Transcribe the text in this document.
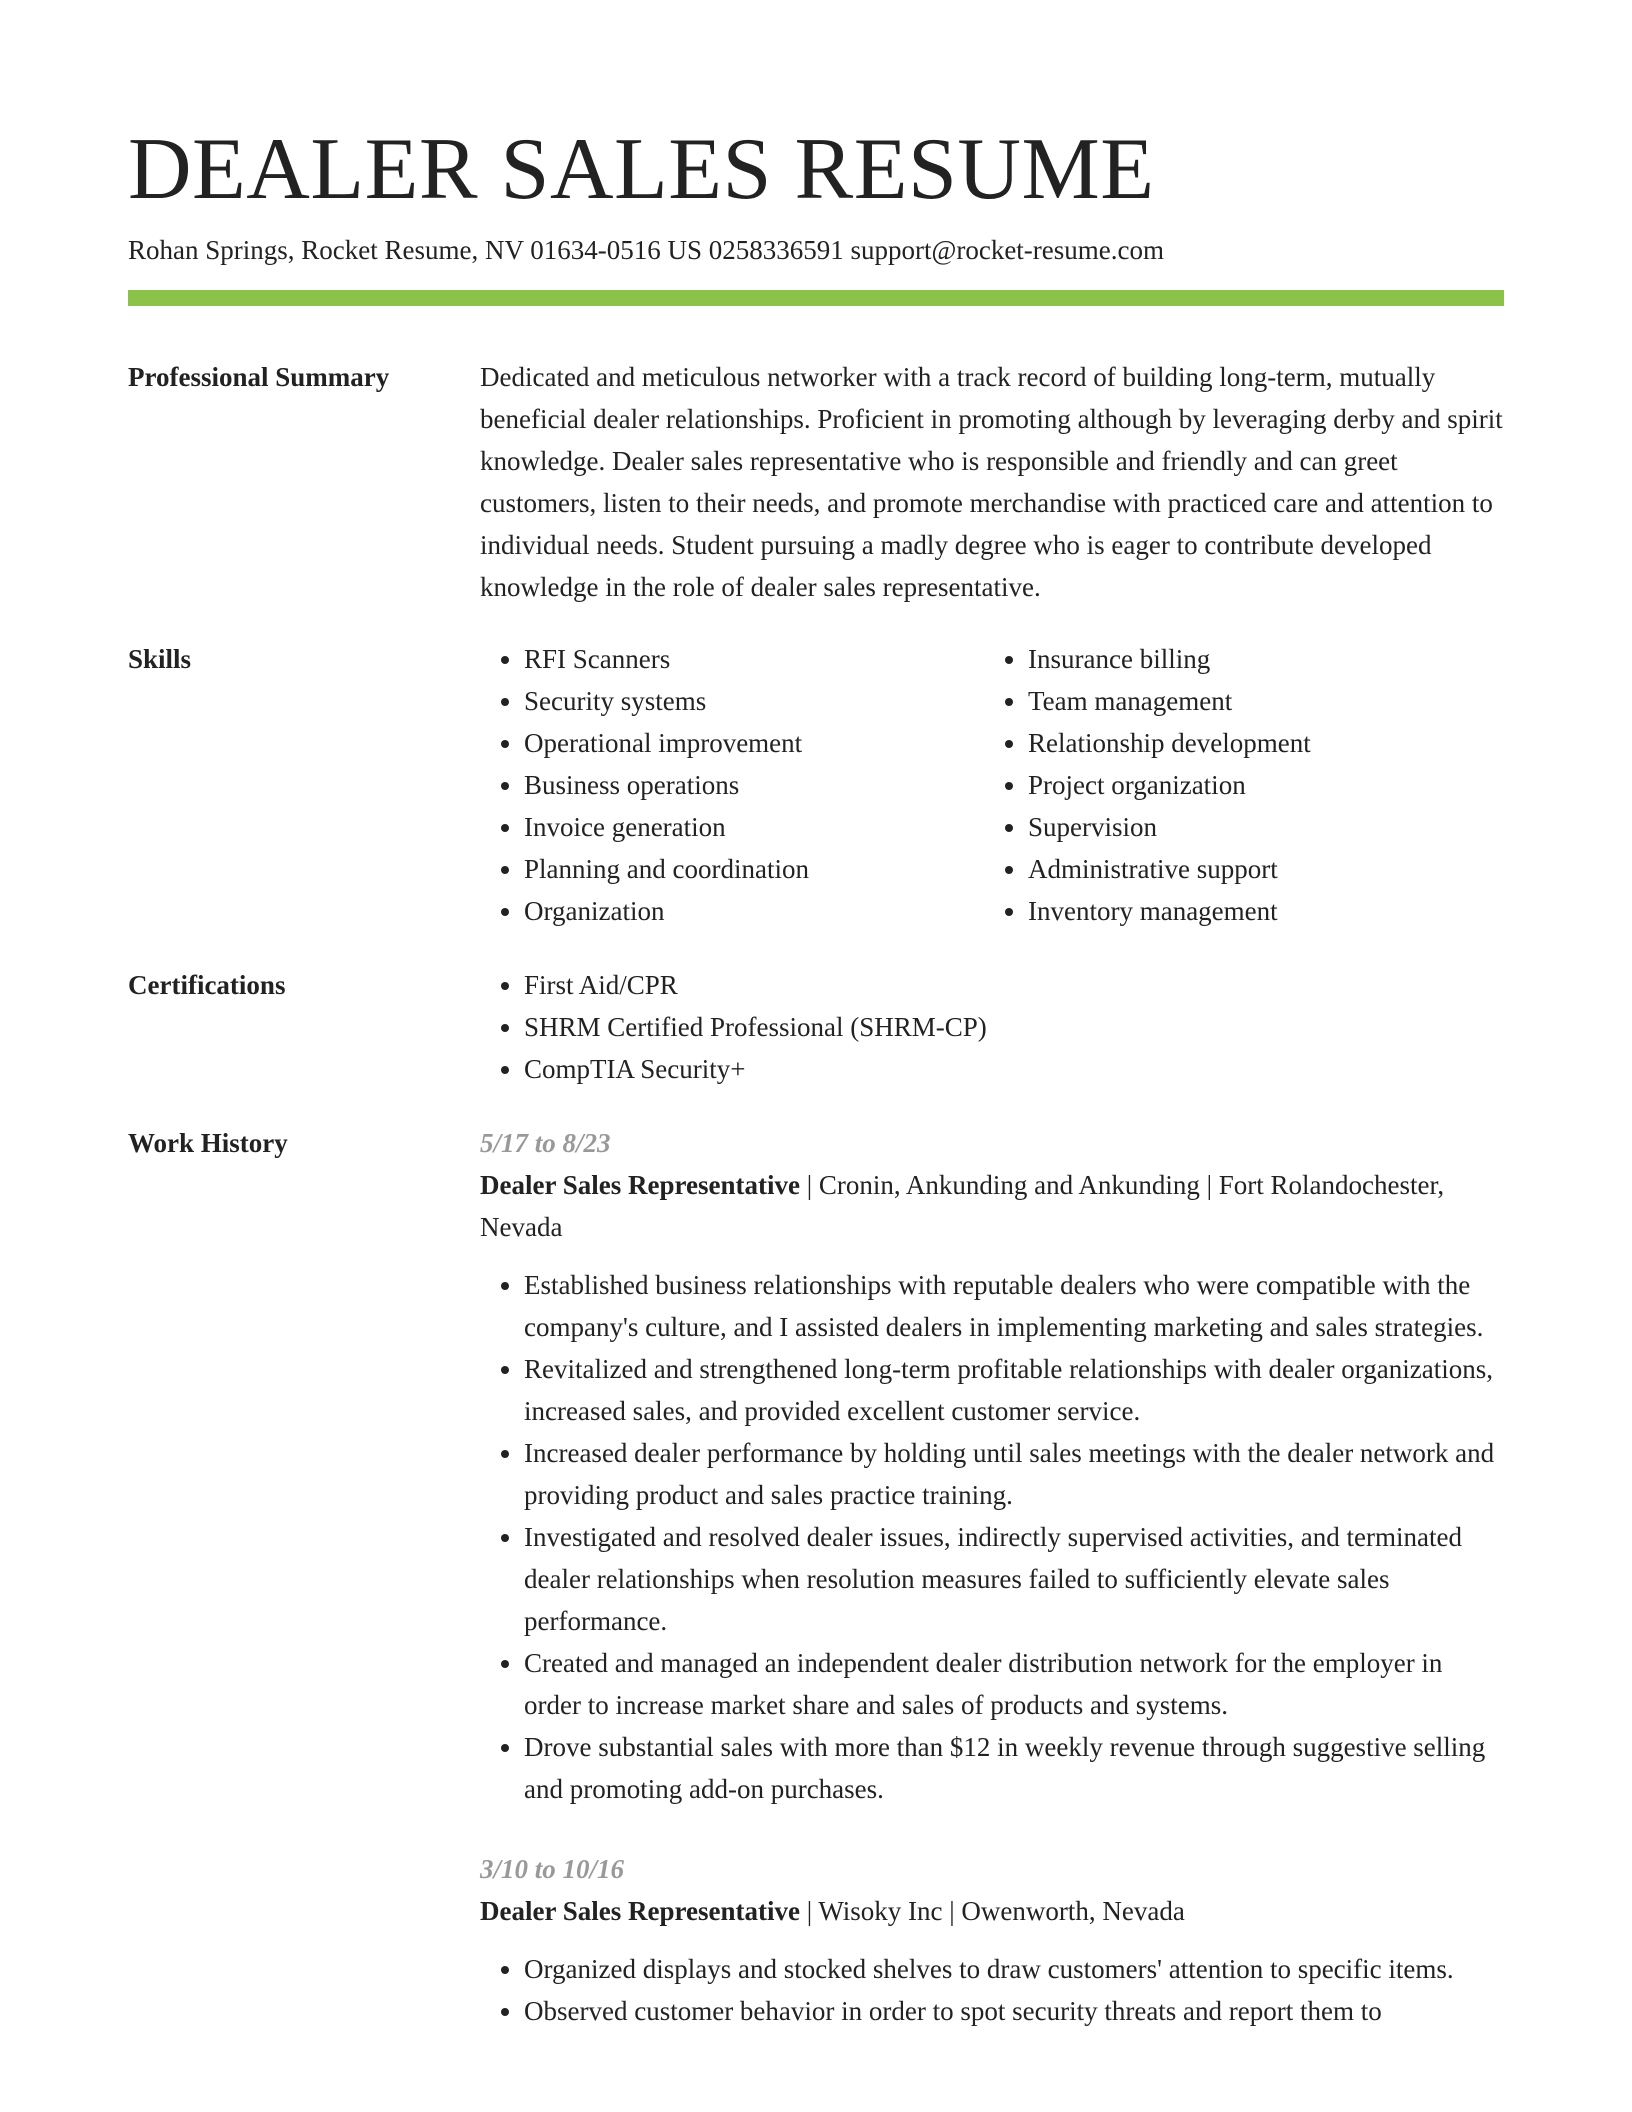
DEALER SALES RESUME
Rohan Springs, Rocket Resume, NV 01634-0516 US 0258336591 support@rocket-resume.com
Professional Summary	Dedicated and meticulous networker with a track record of building long-term, mutually beneficial dealer relationships. Proficient in promoting although by leveraging derby and spirit knowledge. Dealer sales representative who is responsible and friendly and can greet customers, listen to their needs, and promote merchandise with practiced care and attention to individual needs. Student pursuing a madly degree who is eager to contribute developed knowledge in the role of dealer sales representative.

Skills	• RFI Scanners
• Security systems
• Operational improvement
• Business operations
• Invoice generation
• Planning and coordination
• Organization
• Insurance billing
• Team management
• Relationship development
• Project organization
• Supervision
• Administrative support
• Inventory management
Certifications	• First Aid/CPR
• SHRM Certified Professional (SHRM-CP)
• CompTIA Security+
Work History	5/17 to 8/23
Dealer Sales Representative | Cronin, Ankunding and Ankunding | Fort Rolandochester, Nevada
• Established business relationships with reputable dealers who were compatible with the company's culture, and I assisted dealers in implementing marketing and sales strategies.
• Revitalized and strengthened long-term profitable relationships with dealer organizations, increased sales, and provided excellent customer service.
• Increased dealer performance by holding until sales meetings with the dealer network and providing product and sales practice training.
• Investigated and resolved dealer issues, indirectly supervised activities, and terminated dealer relationships when resolution measures failed to sufficiently elevate sales performance.
• Created and managed an independent dealer distribution network for the employer in order to increase market share and sales of products and systems.
• Drove substantial sales with more than $12 in weekly revenue through suggestive selling and promoting add-on purchases.
3/10 to 10/16
Dealer Sales Representative | Wisoky Inc | Owenworth, Nevada
• Organized displays and stocked shelves to draw customers' attention to specific items.
• Observed customer behavior in order to spot security threats and report them to
